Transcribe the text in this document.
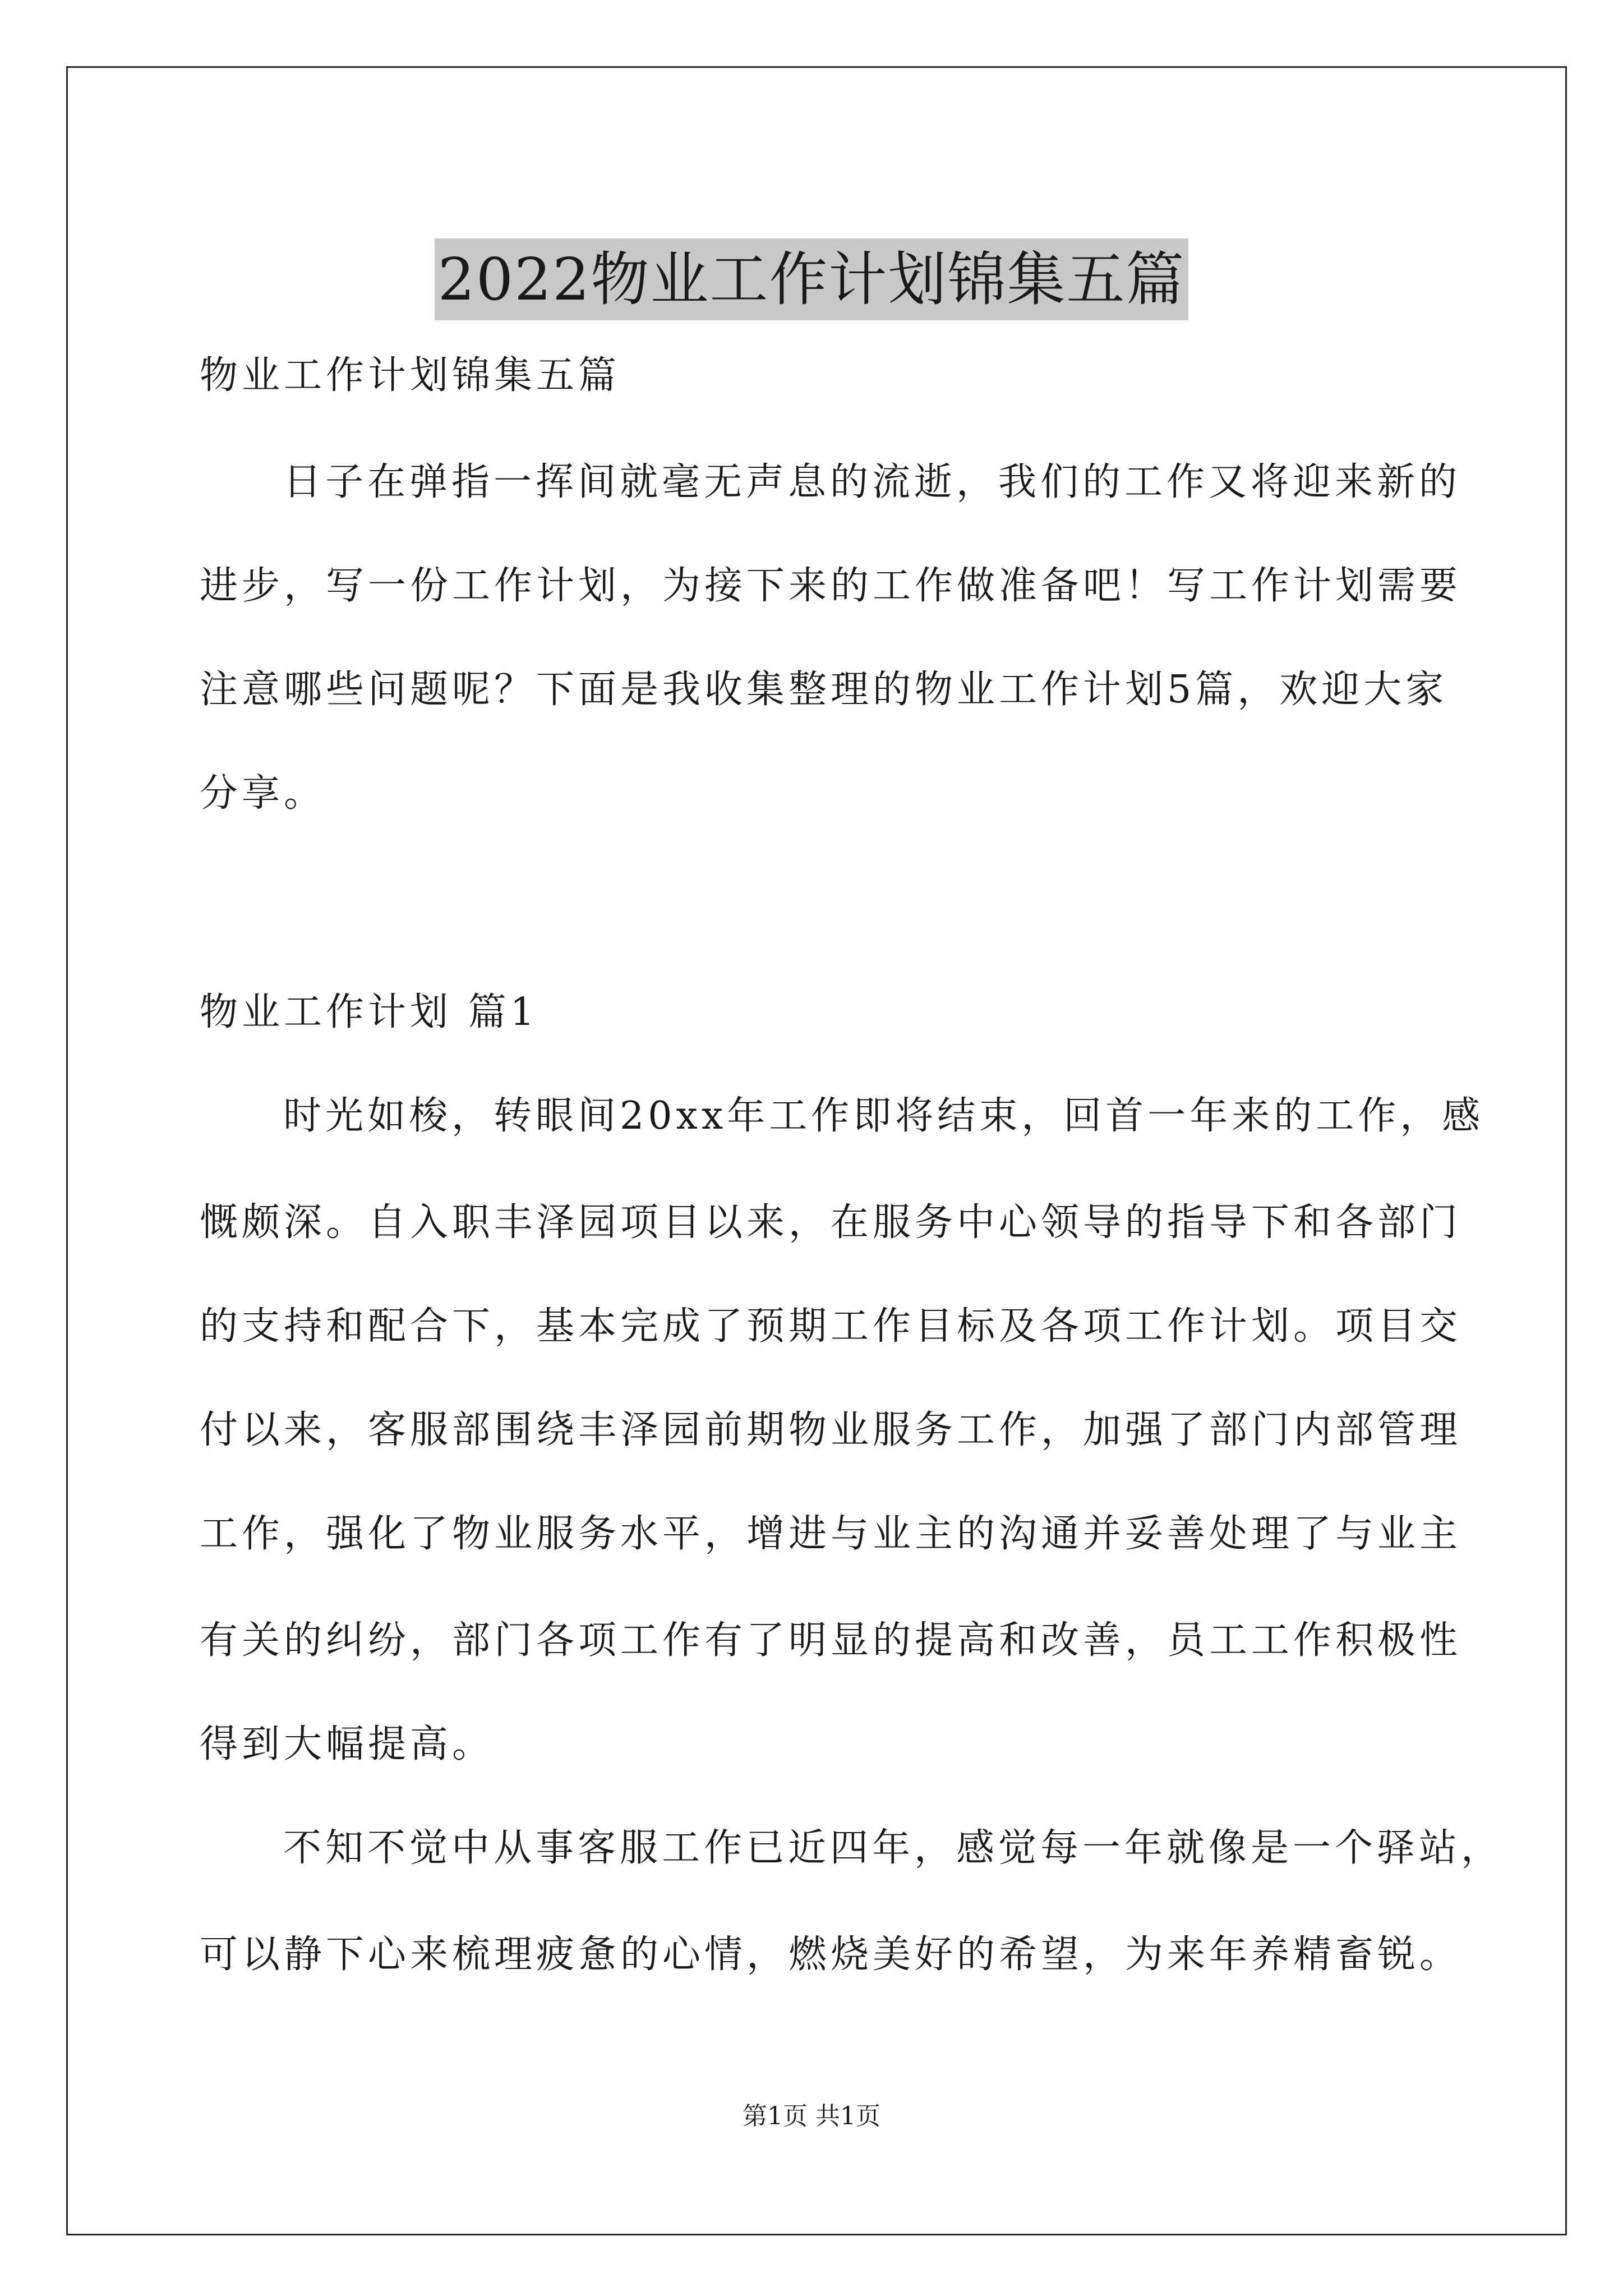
2022物业工作计划锦集五篇
物业工作计划锦集五篇
日子在弹指一挥间就毫无声息的流逝，我们的工作又将迎来新的
进步，写一份工作计划，为接下来的工作做准备吧！写工作计划需要
注意哪些问题呢？下面是我收集整理的物业工作计划5篇，欢迎大家
分享。
物业工作计划 篇1
时光如梭，转眼间20xx年工作即将结束，回首一年来的工作，感
慨颇深。自入职丰泽园项目以来，在服务中心领导的指导下和各部门
的支持和配合下，基本完成了预期工作目标及各项工作计划。项目交
付以来，客服部围绕丰泽园前期物业服务工作，加强了部门内部管理
工作，强化了物业服务水平，增进与业主的沟通并妥善处理了与业主
有关的纠纷，部门各项工作有了明显的提高和改善，员工工作积极性
得到大幅提高。
不知不觉中从事客服工作已近四年，感觉每一年就像是一个驿站，
可以静下心来梳理疲惫的心情，燃烧美好的希望，为来年养精畜锐。
第1页 共1页
